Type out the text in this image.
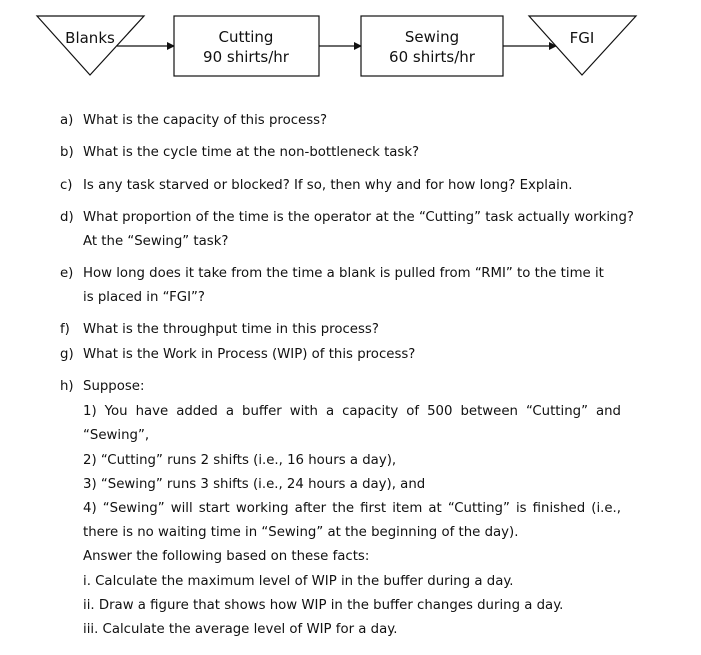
Blanks	Cutting
90 shirts/hr
Sewing
60 shirts/hr
FGI
a) What is the capacity of this process?
b) What is the cycle time at the non-bottleneck task?
c) Is any task starved or blocked? If so, then why and for how long? Explain.
d) What proportion of the time is the operator at the “Cutting” task actually working?
At the “Sewing” task?
e) How long does it take from the time a blank is pulled from “RMI” to the time it
is placed in “FGI”?
f) What is the throughput time in this process?
g) What is the Work in Process (WIP) of this process?
h) Suppose:
1) You have added a buffer with a capacity of 500 between “Cutting” and
“Sewing”,
2) “Cutting” runs 2 shifts (i.e., 16 hours a day),
3) “Sewing” runs 3 shifts (i.e., 24 hours a day), and
4) “Sewing” will start working after the first item at “Cutting” is finished (i.e.,
there is no waiting time in “Sewing” at the beginning of the day).
Answer the following based on these facts:
i. Calculate the maximum level of WIP in the buffer during a day.
ii. Draw a figure that shows how WIP in the buffer changes during a day.
iii. Calculate the average level of WIP for a day.
